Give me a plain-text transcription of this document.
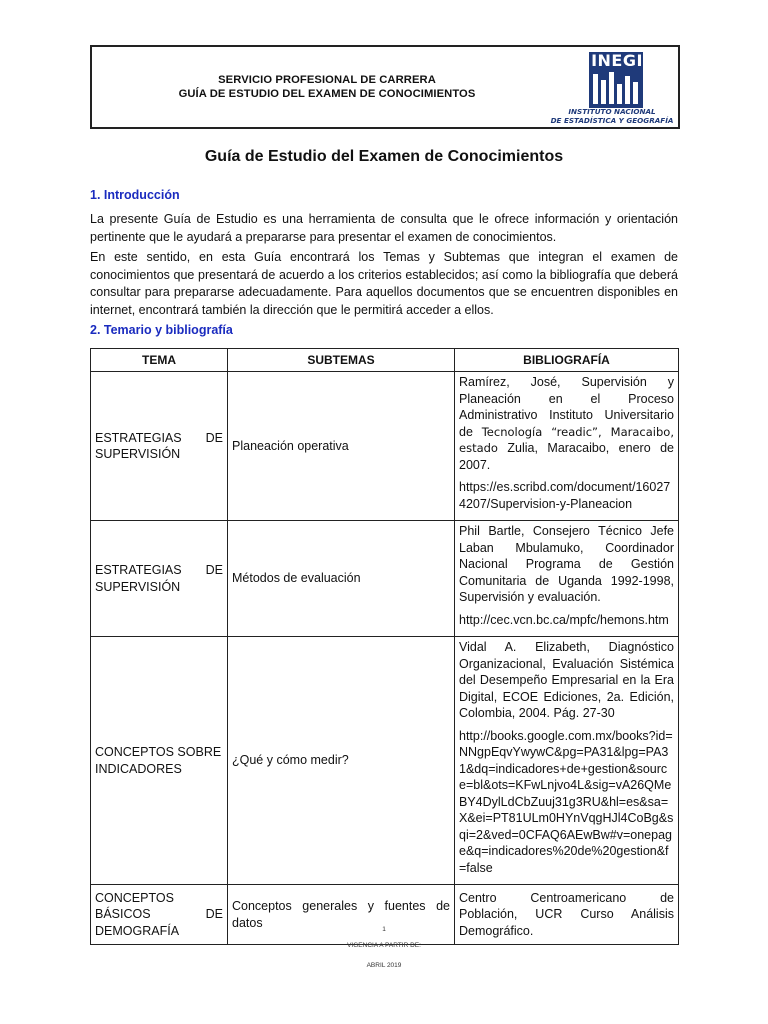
SERVICIO PROFESIONAL DE CARRERA
GUÍA DE ESTUDIO DEL EXAMEN DE CONOCIMIENTOS
INEGI
INSTITUTO NACIONAL
DE ESTADÍSTICA Y GEOGRAFÍA
Guía de Estudio del Examen de Conocimientos
1. Introducción
La presente Guía de Estudio es una herramienta de consulta que le ofrece información y orientación pertinente que le ayudará a prepararse para presentar el examen de conocimientos.
En este sentido, en esta Guía encontrará los Temas y Subtemas que integran el examen de conocimientos que presentará de acuerdo a los criterios establecidos; así como la bibliografía que deberá consultar para prepararse adecuadamente. Para aquellos documentos que se encuentren disponibles en internet, encontrará también la dirección que le permitirá acceder a ellos.
2. Temario y bibliografía
TEMA	SUBTEMAS	BIBLIOGRAFÍA
ESTRATEGIAS DE SUPERVISIÓN	Planeación operativa	Ramírez, José, Supervisión y Planeación en el Proceso Administrativo Instituto Universitario de Tecnología “readic”, Maracaibo, estado Zulia, Maracaibo, enero de 2007.

https://es.scribd.com/document/160274207/Supervision-y-Planeacion

ESTRATEGIAS DE SUPERVISIÓN	Métodos de evaluación	Phil Bartle, Consejero Técnico Jefe Laban Mbulamuko, Coordinador Nacional Programa de Gestión Comunitaria de Uganda 1992-1998, Supervisión y evaluación.

http://cec.vcn.bc.ca/mpfc/hemons.htm

CONCEPTOS SOBRE INDICADORES	¿Qué y cómo medir?	Vidal A. Elizabeth, Diagnóstico Organizacional, Evaluación Sistémica del Desempeño Empresarial en la Era Digital, ECOE Ediciones, 2a. Edición, Colombia, 2004. Pág. 27-30

http://books.google.com.mx/books?id=NNgpEqvYwywC&pg=PA31&lpg=PA31&dq=indicadores+de+gestion&source=bl&ots=KFwLnjvo4L&sig=vA26QMeBY4DylLdCbZuuj31g3RU&hl=es&sa=X&ei=PT81ULm0HYnVqgHJl4CoBg&sqi=2&ved=0CFAQ6AEwBw#v=onepage&q=indicadores%20de%20gestion&f=false

CONCEPTOS BÁSICOS DE DEMOGRAFÍA	Conceptos generales y fuentes de datos	Centro Centroamericano de Población, UCR Curso Análisis Demográfico.

1
VIGENCIA A PARTIR DE:
ABRIL 2019
